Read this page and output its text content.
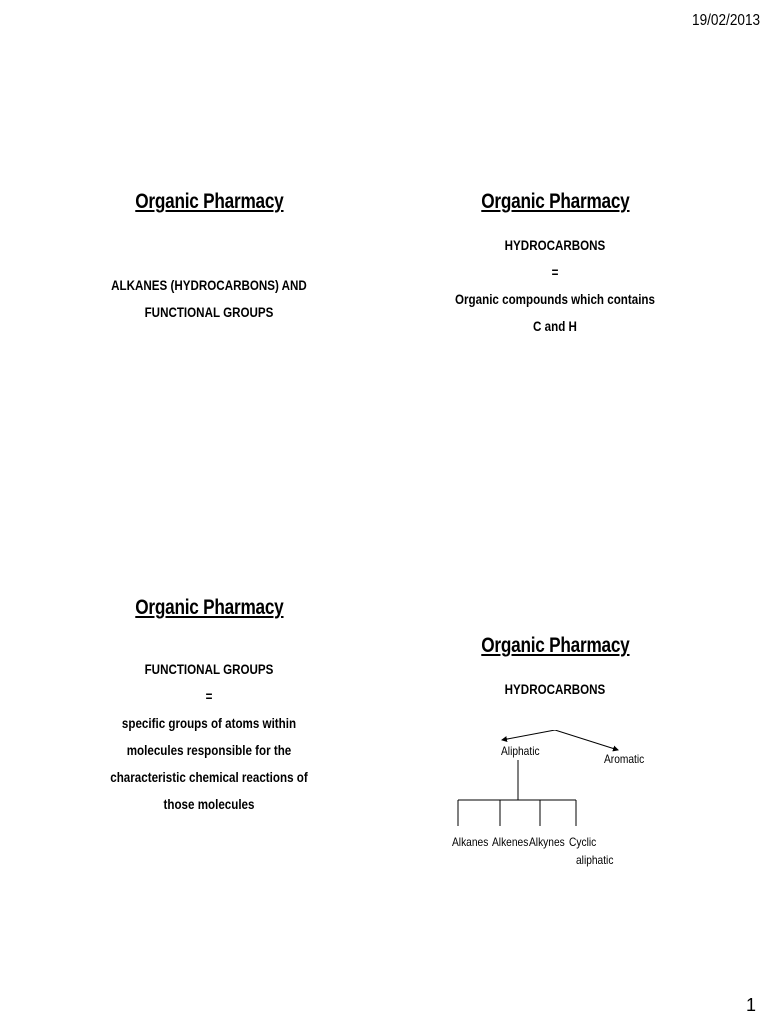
19/02/2013
Organic Pharmacy
ALKANES (HYDROCARBONS) AND
FUNCTIONAL GROUPS
Organic Pharmacy
HYDROCARBONS
=
Organic compounds which contains
C and H
Organic Pharmacy
FUNCTIONAL GROUPS
=
specific groups of atoms within
molecules responsible for the
characteristic chemical reactions of
those molecules
Organic Pharmacy
HYDROCARBONS
Aliphatic
Aromatic
Alkanes Alkenes Alkynes Cyclic
aliphatic
1
